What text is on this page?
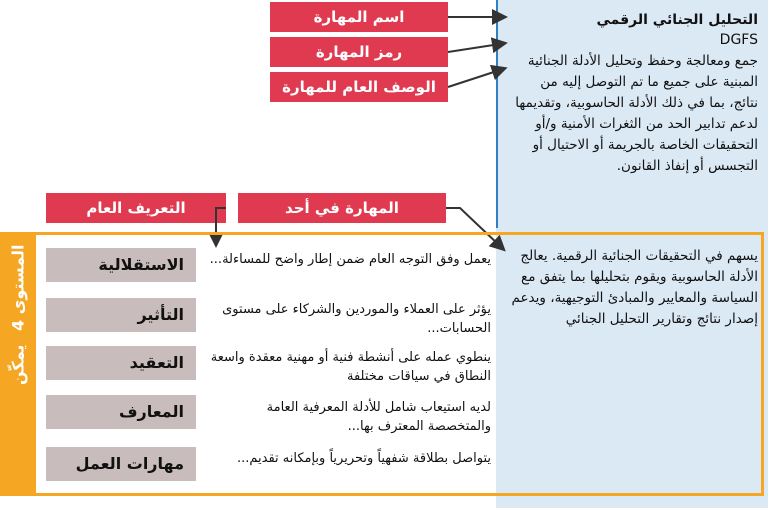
التحليل الجنائي الرقمي
DGFS
جمع ومعالجة وحفظ وتحليل الأدلة الجنائية المبنية على جميع ما تم التوصل إليه من نتائج، بما في ذلك الأدلة الحاسوبية، وتقديمها لدعم تدابير الحد من الثغرات الأمنية و/أو التحقيقات الخاصة بالجريمة أو الاحتيال أو التجسس أو إنفاذ القانون.
اسم المهارة
رمز المهارة
الوصف العام للمهارة
المهارة في أحد المستويات
التعريف العام للمستوى
المستوى 4
يمكّن
الاستقلالية	يعمل وفق التوجه العام ضمن إطار واضح للمساءلة...
التأثير	يؤثر على العملاء والموردين والشركاء على مستوى الحسابات...
التعقيد	ينطوي عمله على أنشطة فنية أو مهنية معقدة واسعة النطاق في سياقات مختلفة
المعارف	لديه استيعاب شامل للأدلة المعرفية العامة والمتخصصة المعترف بها...
مهارات العمل	يتواصل بطلاقة شفهياً وتحريرياً وبإمكانه تقديم...
يسهم في التحقيقات الجنائية الرقمية. يعالج الأدلة الحاسوبية ويقوم بتحليلها بما يتفق مع السياسة والمعايير والمبادئ التوجيهية، ويدعم إصدار نتائج وتقارير التحليل الجنائي
